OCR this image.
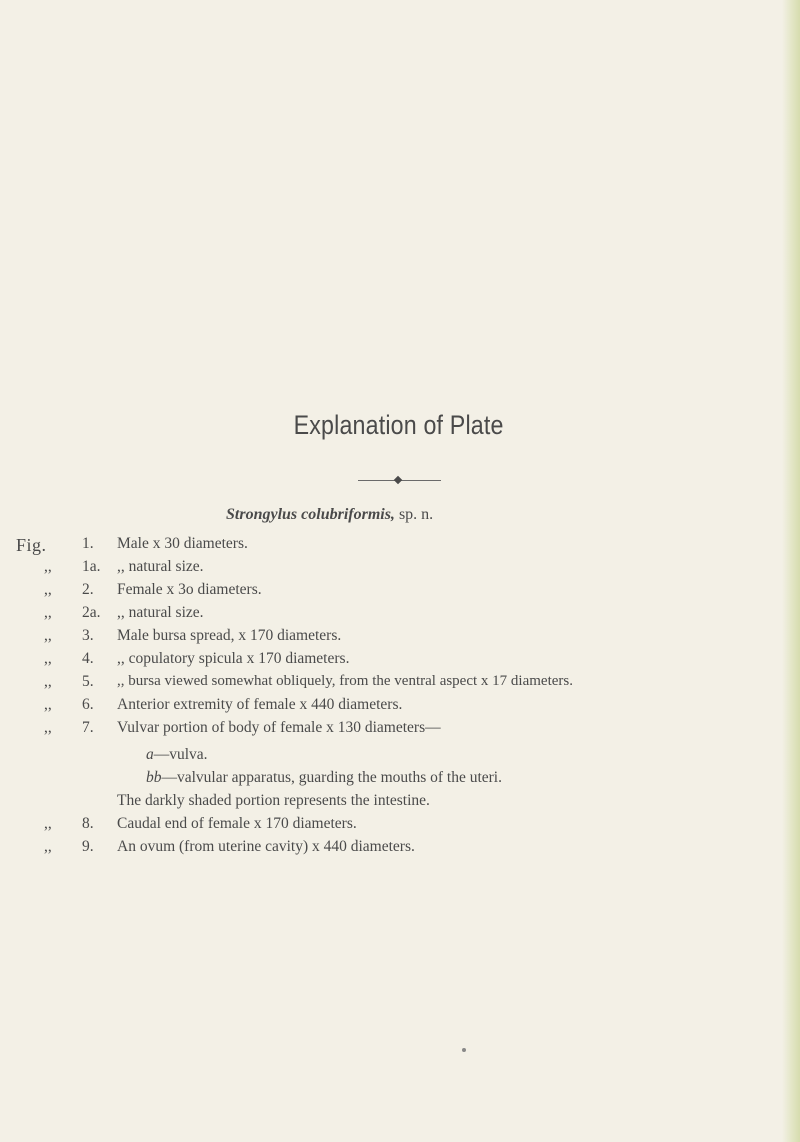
Explanation of Plate
Strongylus colubriformis, sp. n.
Fig. 1. Male x 30 diameters.
,,	1a. ,, natural size.
,,	2. Female x 3o diameters.
,,	2a. ,, natural size.
,,	3. Male bursa spread, x 170 diameters.
,,	4. ,, copulatory spicula x 170 diameters.
,,	5. ,, bursa viewed somewhat obliquely, from the ventral aspect x 17 diameters.
,,	6. Anterior extremity of female x 440 diameters.
,,	7. Vulvar portion of body of female x 130 diameters—
a—vulva.
bb—valvular apparatus, guarding the mouths of the uteri.
The darkly shaded portion represents the intestine.
,,	8. Caudal end of female x 170 diameters.
,,	9. An ovum (from uterine cavity) x 440 diameters.
